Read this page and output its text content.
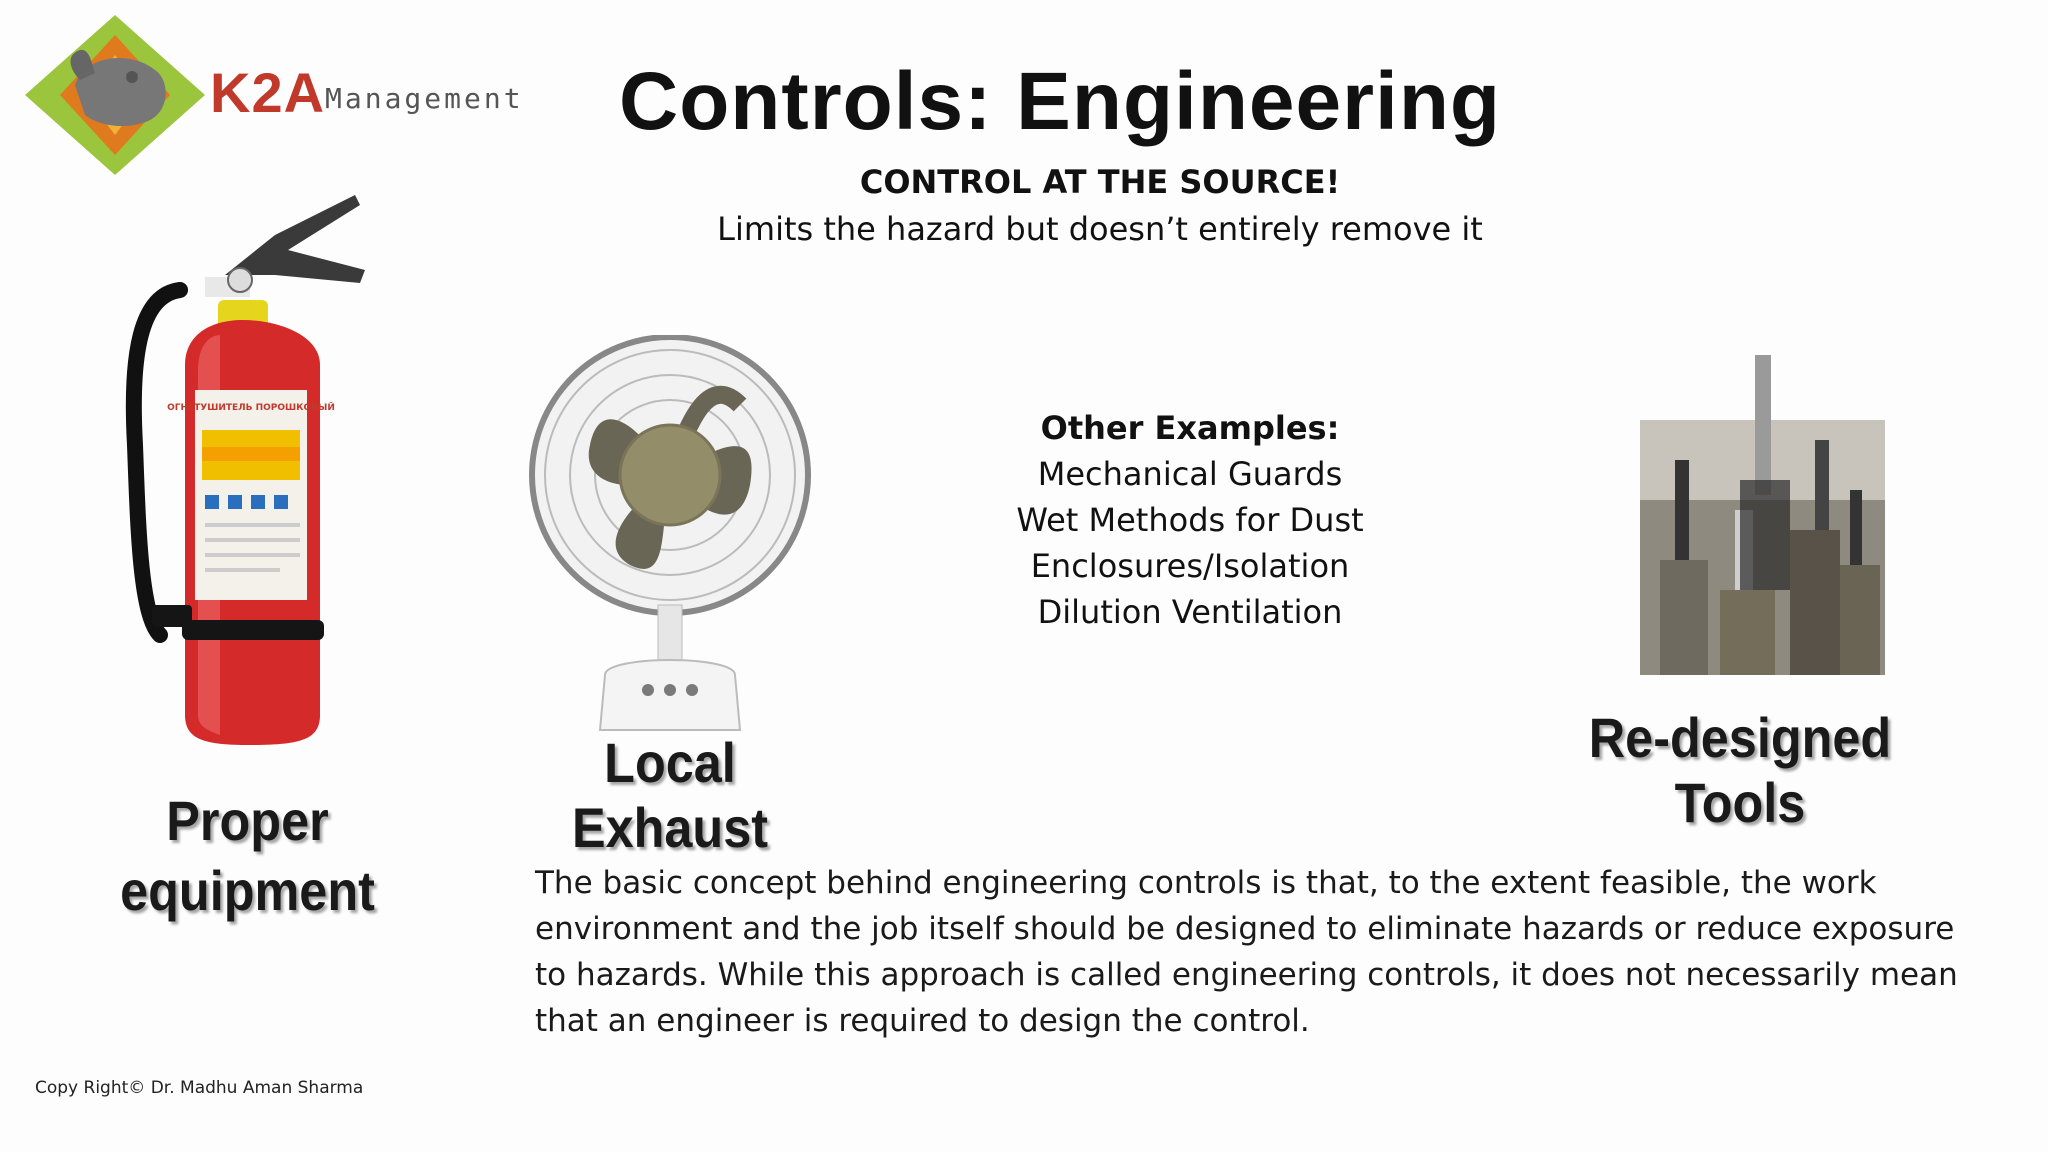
K2A Management	Controls: Engineering
CONTROL AT THE SOURCE!
Limits the hazard but doesn’t entirely remove it
ОГНЕТУШИТЕЛЬ ПОРОШКОВЫЙ
Other Examples:
Mechanical Guards
Wet Methods for Dust
Enclosures/Isolation
Dilution Ventilation
Proper
equipment
Local Exhaust
Re-designed Tools
The basic concept behind engineering controls is that, to the extent feasible, the work environment and the job itself should be designed to eliminate hazards or reduce exposure to hazards. While this approach is called engineering controls, it does not necessarily mean that an engineer is required to design the control.
Copy Right© Dr. Madhu Aman Sharma
